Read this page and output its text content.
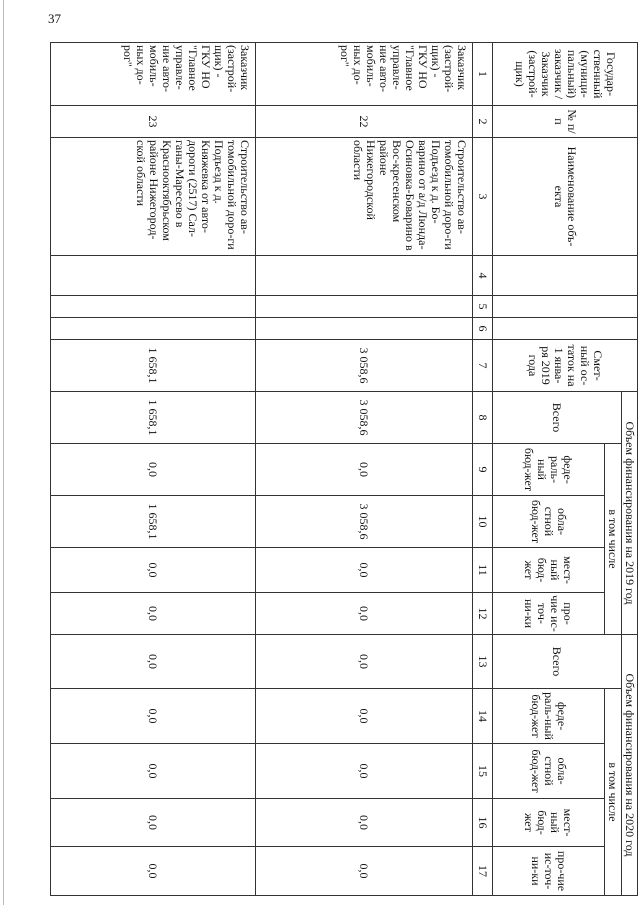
37
Государ-ственный (муници-пальный) заказчик / Заказчик (застрой-щик)	№ п/п	Наименование объ-екта				Смет-ный ос-таток на 1 янва-ря 2019 года	Объем финансирования на 2019 год					Объем финансирования на 2020 год				
							Всего	в том числе				Всего	в том числе			
								феде-раль-ный бюд-жет	обла-стной бюд-жет	мест-ный бюд-жет	про-чие ис-точ-ни-ки		феде-раль-ный бюд-жет	обла-стной бюд-жет	мест-ный бюд-жет	про-чие ис-точ-ни-ки
1	2	3	4	5	6	7	8	9	10	11	12	13	14	15	16	17
Заказчик (застрой-щик) - ГКУ НО "Главное управле-ние авто-мобиль-ных до-рог"	22	Строительство ав-томобильной доро-ги Подъезд к д. Бо-варино от а/д Люнда-Осиновка-Боварино в Вос-кресенском районе Нижегородской области				3 058,6	3 058,6	0,0	3 058,6	0,0	0,0	0,0	0,0	0,0	0,0	0,0
Заказчик (застрой-щик) - ГКУ НО "Главное управле-ние авто-мобиль-ных до-рог"	23	Строительство ав-томобильной доро-ги Подъезд к д. Княжевка от авто-дороги (2517) Сал-ганы-Маресево в Краснооктябрьском районе Нижегород-ской области				1 658,1	1 658,1	0,0	1 658,1	0,0	0,0	0,0	0,0	0,0	0,0	0,0
